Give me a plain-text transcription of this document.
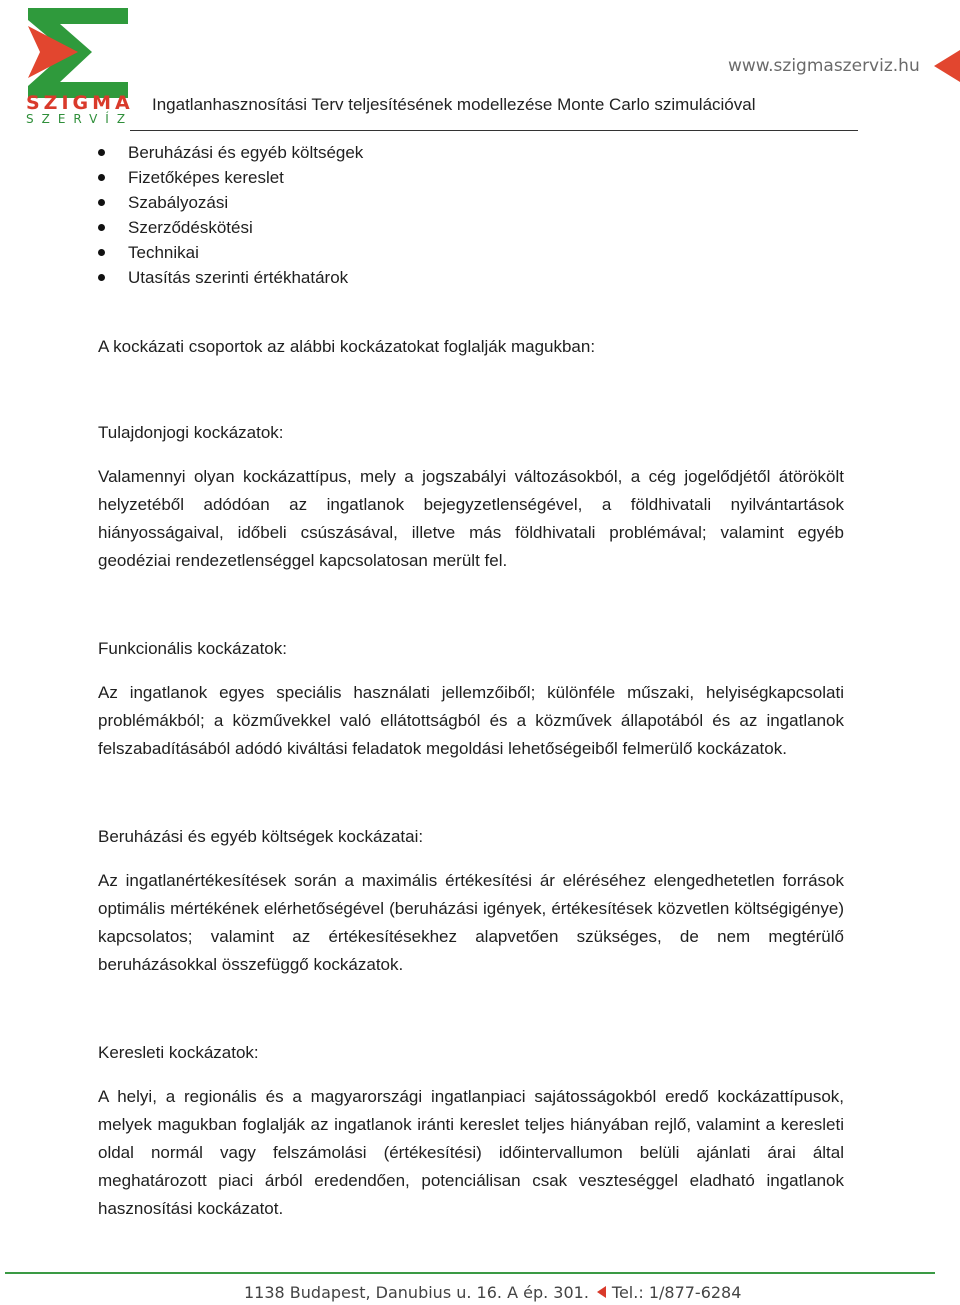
SZIGMA
SZERVÍZ
www.szigmaszerviz.hu
Ingatlanhasznosítási Terv teljesítésének modellezése Monte Carlo szimulációval
Beruházási és egyéb költségek
Fizetőképes kereslet
Szabályozási
Szerződéskötési
Technikai
Utasítás szerinti értékhatárok

A kockázati csoportok az alábbi kockázatokat foglalják magukban:

Tulajdonjogi kockázatok:

Valamennyi olyan kockázattípus, mely a jogszabályi változásokból, a cég jogelődjétől átörökölt helyzetéből adódóan az ingatlanok bejegyzetlenségével, a földhivatali nyilvántartások hiányosságaival, időbeli csúszásával, illetve más földhivatali problémával; valamint egyéb geodéziai rendezetlenséggel kapcsolatosan merült fel.

Funkcionális kockázatok:

Az ingatlanok egyes speciális használati jellemzőiből; különféle műszaki, helyiségkapcsolati problémákból; a közművekkel való ellátottságból és a közművek állapotából és az ingatlanok felszabadításából adódó kiváltási feladatok megoldási lehetőségeiből felmerülő kockázatok.

Beruházási és egyéb költségek kockázatai:

Az ingatlanértékesítések során a maximális értékesítési ár eléréséhez elengedhetetlen források optimális mértékének elérhetőségével (beruházási igények, értékesítések közvetlen költségigénye) kapcsolatos; valamint az értékesítésekhez alapvetően szükséges, de nem megtérülő beruházásokkal összefüggő kockázatok.

Keresleti kockázatok:

A helyi, a regionális és a magyarországi ingatlanpiaci sajátosságokból eredő kockázattípusok, melyek magukban foglalják az ingatlanok iránti kereslet teljes hiányában rejlő, valamint a keresleti oldal normál vagy felszámolási (értékesítési) időintervallumon belüli ajánlati árai által meghatározott piaci árból eredendően, potenciálisan csak veszteséggel eladható ingatlanok hasznosítási kockázatot.

1138 Budapest, Danubius u. 16. A ép. 301. Tel.: 1/877-6284
